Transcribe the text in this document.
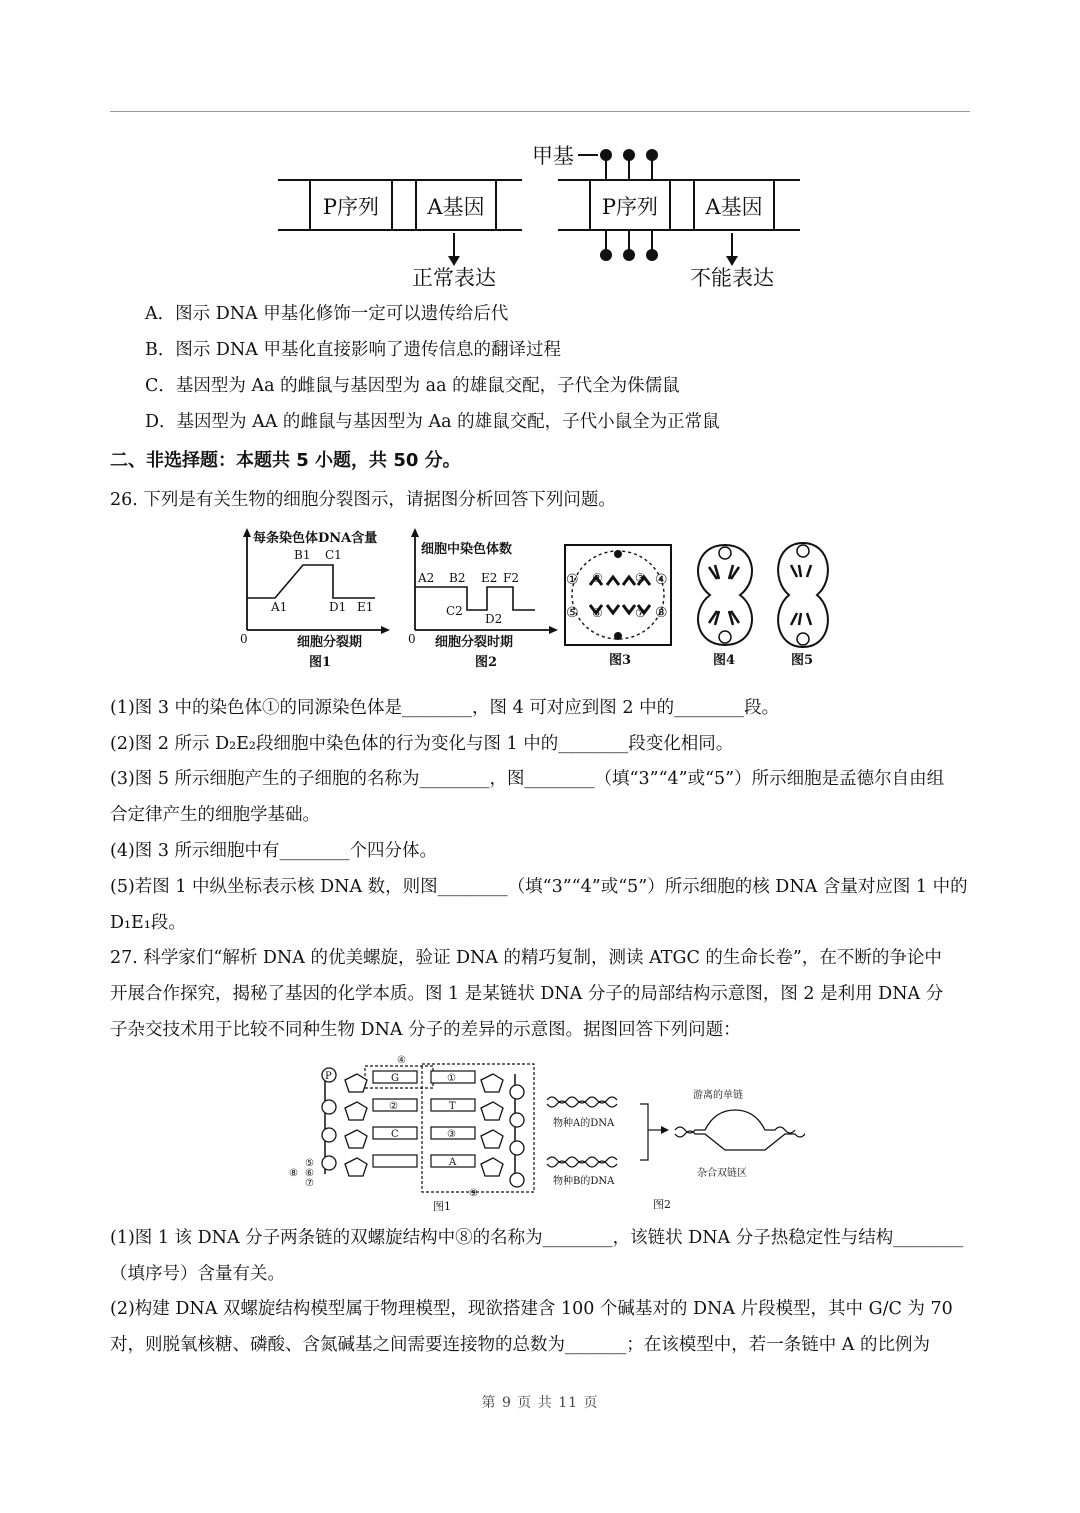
P序列 A基因
正常表达
P序列 A基因
甲基
不能表达
A．图示 DNA 甲基化修饰一定可以遗传给后代
B．图示 DNA 甲基化直接影响了遗传信息的翻译过程
C．基因型为 Aa 的雌鼠与基因型为 aa 的雄鼠交配，子代全为侏儒鼠
D．基因型为 AA 的雌鼠与基因型为 Aa 的雄鼠交配，子代小鼠全为正常鼠
二、非选择题：本题共 5 小题，共 50 分。
26. 下列是有关生物的细胞分裂图示，请据图分析回答下列问题。
每条染色体DNA含量
0	细胞分裂期
图1
A1
B1 C1
D1 E1
细胞中染色体数
0 细胞分裂时期
图2
A2 B2
C2
D2
E2 F2	① ②	③ ④
⑤ ⑥	⑦ ⑧
图3	图4	图5
(1)图 3 中的染色体①的同源染色体是________，图 4 可对应到图 2 中的________段。
(2)图 2 所示 D₂E₂段细胞中染色体的行为变化与图 1 中的________段变化相同。
(3)图 5 所示细胞产生的子细胞的名称为________，图________（填“3”“4”或“5”）所示细胞是孟德尔自由组
合定律产生的细胞学基础。
(4)图 3 所示细胞中有________个四分体。
(5)若图 1 中纵坐标表示核 DNA 数，则图________（填“3”“4”或“5”）所示细胞的核 DNA 含量对应图 1 中的
D₁E₁段。
27. 科学家们“解析 DNA 的优美螺旋，验证 DNA 的精巧复制，测读 ATGC 的生命长卷”，在不断的争论中
开展合作探究，揭秘了基因的化学本质。图 1 是某链状 DNA 分子的局部结构示意图，图 2 是利用 DNA 分
子杂交技术用于比较不同种生物 DNA 分子的差异的示意图。据图回答下列问题：
P	G
②
C
①
T
③
A
④
⑤
⑥
⑦
⑧
⑨
图1
物种A的DNA
物种B的DNA
游离的单链
杂合双链区
图2
(1)图 1 该 DNA 分子两条链的双螺旋结构中⑧的名称为________，该链状 DNA 分子热稳定性与结构________
（填序号）含量有关。
(2)构建 DNA 双螺旋结构模型属于物理模型，现欲搭建含 100 个碱基对的 DNA 片段模型，其中 G/C 为 70
对，则脱氧核糖、磷酸、含氮碱基之间需要连接物的总数为_______；在该模型中，若一条链中 A 的比例为
第 9 页 共 11 页
